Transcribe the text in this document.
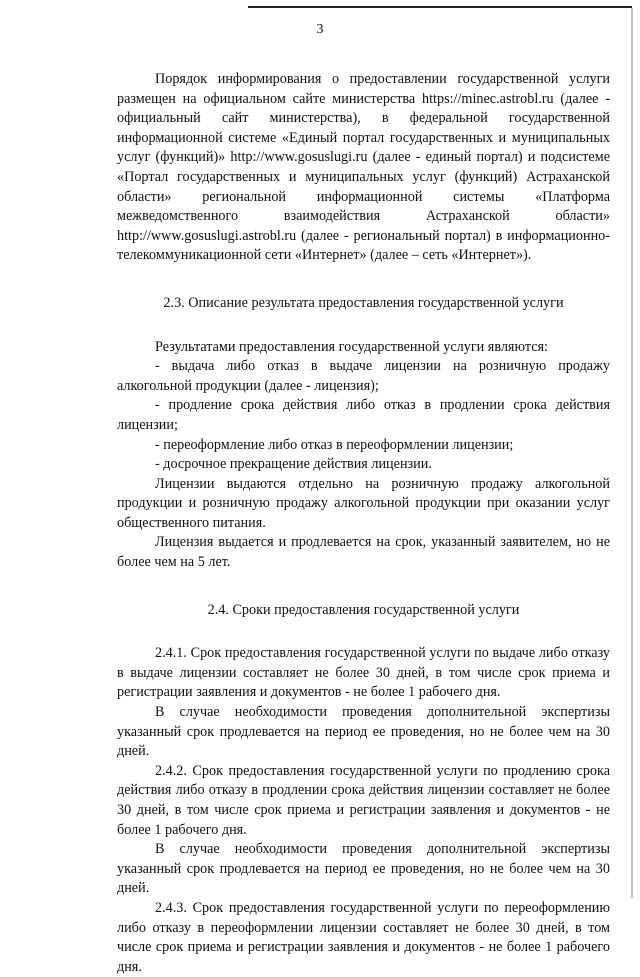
3

Порядок информирования о предоставлении государственной услуги размещен на официальном сайте министерства https://minec.astrobl.ru (далее - официальный сайт министерства), в федеральной государственной информационной системе «Единый портал государственных и муниципальных услуг (функций)» http://www.gosuslugi.ru (далее - единый портал) и подсистеме «Портал государственных и муниципальных услуг (функций) Астраханской области» региональной информационной системы «Платформа межведомственного взаимодействия Астраханской области» http://www.gosuslugi.astrobl.ru (далее - региональный портал) в информационно-телекоммуникационной сети «Интернет» (далее – сеть «Интернет»).

2.3. Описание результата предоставления государственной услуги

Результатами предоставления государственной услуги являются:

- выдача либо отказ в выдаче лицензии на розничную продажу алкогольной продукции (далее - лицензия);

- продление срока действия либо отказ в продлении срока действия лицензии;

- переоформление либо отказ в переоформлении лицензии;

- досрочное прекращение действия лицензии.

Лицензии выдаются отдельно на розничную продажу алкогольной продукции и розничную продажу алкогольной продукции при оказании услуг общественного питания.

Лицензия выдается и продлевается на срок, указанный заявителем, но не более чем на 5 лет.

2.4. Сроки предоставления государственной услуги

2.4.1. Срок предоставления государственной услуги по выдаче либо отказу в выдаче лицензии составляет не более 30 дней, в том числе срок приема и регистрации заявления и документов - не более 1 рабочего дня.

В случае необходимости проведения дополнительной экспертизы указанный срок продлевается на период ее проведения, но не более чем на 30 дней.

2.4.2. Срок предоставления государственной услуги по продлению срока действия либо отказу в продлении срока действия лицензии составляет не более 30 дней, в том числе срок приема и регистрации заявления и документов - не более 1 рабочего дня.

В случае необходимости проведения дополнительной экспертизы указанный срок продлевается на период ее проведения, но не более чем на 30 дней.

2.4.3. Срок предоставления государственной услуги по переоформлению либо отказу в переоформлении лицензии составляет не более 30 дней, в том числе срок приема и регистрации заявления и документов - не более 1 рабочего дня.
